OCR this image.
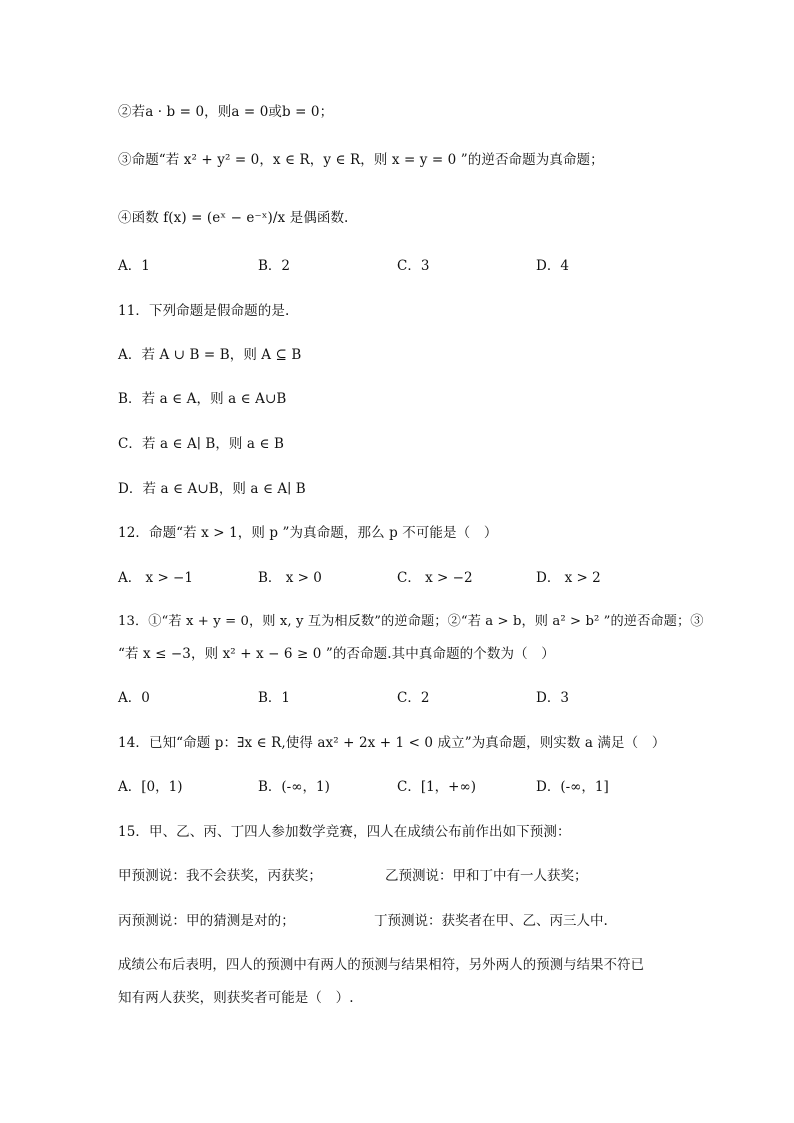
②若a · b = 0，则a = 0或b = 0；
③命题“若 x² + y² = 0，x ∈ R，y ∈ R，则 x = y = 0 ”的逆否命题为真命题；
④函数 f(x) = (eˣ − e⁻ˣ)/x 是偶函数.
A．1	B．2	C．3	D．4
11．下列命题是假命题的是.
A．若 A ∪ B = B，则 A ⊆ B
B．若 a ∈ A，则 a ∈ A∪B
C．若 a ∈ A∣ B，则 a ∈ B
D．若 a ∈ A∪B，则 a ∈ A∣ B
12．命题“若 x > 1，则 p ”为真命题，那么 p 不可能是（　）
A． x > −1	B． x > 0	C． x > −2	D． x > 2
13．①“若 x + y = 0，则 x, y 互为相反数”的逆命题；②“若 a > b，则 a² > b² ”的逆否命题；③
“若 x ≤ −3，则 x² + x − 6 ≥ 0 ”的否命题.其中真命题的个数为（　）
A．0	B．1	C．2	D．3
14．已知“命题 p：∃x ∈ R,使得 ax² + 2x + 1 < 0 成立”为真命题，则实数 a 满足（　）
A．[0，1)	B．(-∞，1)	C．[1，+∞)	D．(-∞，1]
15．甲、乙、丙、丁四人参加数学竞赛，四人在成绩公布前作出如下预测：
甲预测说：我不会获奖，丙获奖；	乙预测说：甲和丁中有一人获奖；
丙预测说：甲的猜测是对的；	丁预测说：获奖者在甲、乙、丙三人中.
成绩公布后表明，四人的预测中有两人的预测与结果相符，另外两人的预测与结果不符已
知有两人获奖，则获奖者可能是（　）.
